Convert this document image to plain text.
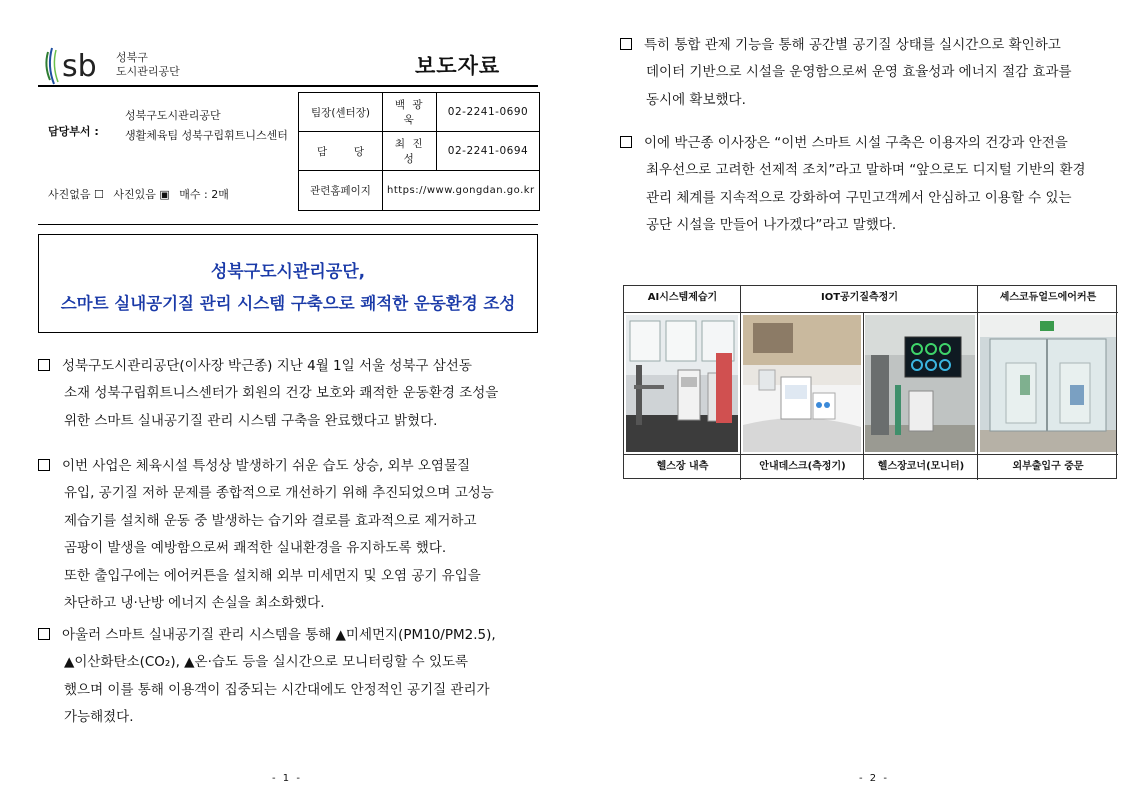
sb 성북구
도시관리공단	보도자료
담당부서 :
성북구도시관리공단
생활체육팀 성북구립휘트니스센터
사진없음 ☐ 사진있음 ▣ 매수 : 2매
팀장(센터장)	백 광 욱	02-2241-0690
담        당	최 진 성	02-2241-0694
관련홈페이지	https://www.gongdan.go.kr	
성북구도시관리공단,
스마트 실내공기질 관리 시스템 구축으로 쾌적한 운동환경 조성
성북구도시관리공단(이사장 박근종) 지난 4월 1일 서울 성북구 삼선동
소재 성북구립휘트니스센터가 회원의 건강 보호와 쾌적한 운동환경 조성을
위한 스마트 실내공기질 관리 시스템 구축을 완료했다고 밝혔다.
이번 사업은 체육시설 특성상 발생하기 쉬운 습도 상승, 외부 오염물질
유입, 공기질 저하 문제를 종합적으로 개선하기 위해 추진되었으며 고성능
제습기를 설치해 운동 중 발생하는 습기와 결로를 효과적으로 제거하고
곰팡이 발생을 예방함으로써 쾌적한 실내환경을 유지하도록 했다.
또한 출입구에는 에어커튼을 설치해 외부 미세먼지 및 오염 공기 유입을
차단하고 냉·난방 에너지 손실을 최소화했다.
아울러 스마트 실내공기질 관리 시스템을 통해 ▲미세먼지(PM10/PM2.5),
▲이산화탄소(CO₂), ▲온·습도 등을 실시간으로 모니터링할 수 있도록
했으며 이를 통해 이용객이 집중되는 시간대에도 안정적인 공기질 관리가
가능해졌다.
- 1 -
특히 통합 관제 기능을 통해 공간별 공기질 상태를 실시간으로 확인하고
데이터 기반으로 시설을 운영함으로써 운영 효율성과 에너지 절감 효과를
동시에 확보했다.
이에 박근종 이사장은 “이번 스마트 시설 구축은 이용자의 건강과 안전을
최우선으로 고려한 선제적 조치”라고 말하며 “앞으로도 디지털 기반의 환경
관리 체계를 지속적으로 강화하여 구민고객께서 안심하고 이용할 수 있는
공단 시설을 만들어 나가겠다”라고 말했다.
AI시스템제습기	IOT공기질측정기	셰스코듀얼드에어커튼
헬스장 내측	안내데스크(측정기)	헬스장코너(모니터)	외부출입구 중문
- 2 -
